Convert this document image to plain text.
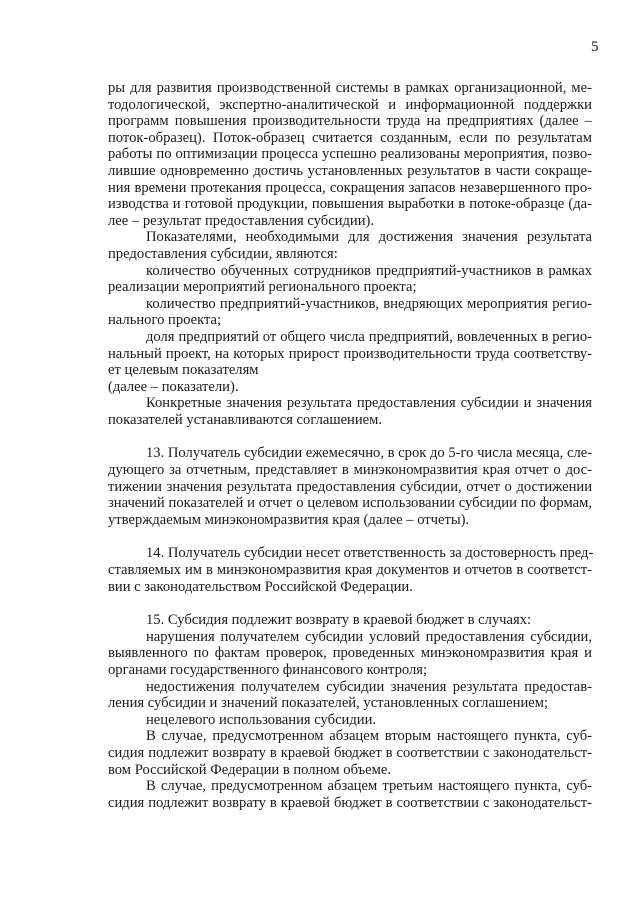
5
ры для развития производственной системы в рамках организационной, ме-
тодологической, экспертно-аналитической и информационной поддержки
программ повышения производительности труда на предприятиях (далее –
поток-образец). Поток-образец считается созданным, если по результатам
работы по оптимизации процесса успешно реализованы мероприятия, позво-
лившие одновременно достичь установленных результатов в части сокраще-
ния времени протекания процесса, сокращения запасов незавершенного про-
изводства и готовой продукции, повышения выработки в потоке-образце (да-
лее – результат предоставления субсидии).
Показателями, необходимыми для достижения значения результата
предоставления субсидии, являются:
количество обученных сотрудников предприятий-участников в рамках
реализации мероприятий регионального проекта;
количество предприятий-участников, внедряющих мероприятия регио-
нального проекта;
доля предприятий от общего числа предприятий, вовлеченных в регио-
нальный проект, на которых прирост производительности труда соответству-
ет целевым показателям
(далее – показатели).
Конкретные значения результата предоставления субсидии и значения
показателей устанавливаются соглашением.
13. Получатель субсидии ежемесячно, в срок до 5-го числа месяца, сле-
дующего за отчетным, представляет в минэкономразвития края отчет о дос-
тижении значения результата предоставления субсидии, отчет о достижении
значений показателей и отчет о целевом использовании субсидии по формам,
утверждаемым минэкономразвития края (далее – отчеты).
14. Получатель субсидии несет ответственность за достоверность пред-
ставляемых им в минэкономразвития края документов и отчетов в соответст-
вии с законодательством Российской Федерации.
15. Субсидия подлежит возврату в краевой бюджет в случаях:
нарушения получателем субсидии условий предоставления субсидии,
выявленного по фактам проверок, проведенных минэкономразвития края и
органами государственного финансового контроля;
недостижения получателем субсидии значения результата предостав-
ления субсидии и значений показателей, установленных соглашением;
нецелевого использования субсидии.
В случае, предусмотренном абзацем вторым настоящего пункта, суб-
сидия подлежит возврату в краевой бюджет в соответствии с законодательст-
вом Российской Федерации в полном объеме.
В случае, предусмотренном абзацем третьим настоящего пункта, суб-
сидия подлежит возврату в краевой бюджет в соответствии с законодательст-
